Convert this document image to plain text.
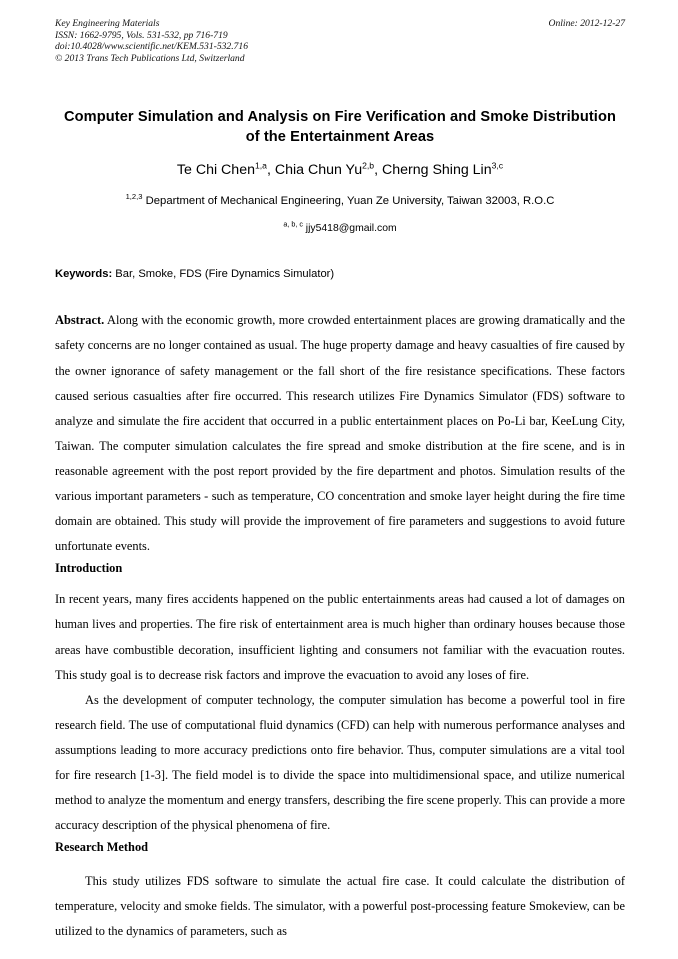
Key Engineering Materials
ISSN: 1662-9795, Vols. 531-532, pp 716-719
doi:10.4028/www.scientific.net/KEM.531-532.716
© 2013 Trans Tech Publications Ltd, Switzerland
Online: 2012-12-27
Computer Simulation and Analysis on Fire Verification and Smoke Distribution of the Entertainment Areas
Te Chi Chen$^{1,a}$, Chia Chun Yu$^{2,b}$, Cherng Shing Lin$^{3,c}$
$^{1,2,3}$ Department of Mechanical Engineering, Yuan Ze University, Taiwan 32003, R.O.C
$^{a, b, c}$ jjy5418@gmail.com
Keywords: Bar, Smoke, FDS (Fire Dynamics Simulator)

Abstract. Along with the economic growth, more crowded entertainment places are growing dramatically and the safety concerns are no longer contained as usual. The huge property damage and heavy casualties of fire caused by the owner ignorance of safety management or the fall short of the fire resistance specifications. These factors caused serious casualties after fire occurred. This research utilizes Fire Dynamics Simulator (FDS) software to analyze and simulate the fire accident that occurred in a public entertainment places on Po-Li bar, KeeLung City, Taiwan. The computer simulation calculates the fire spread and smoke distribution at the fire scene, and is in reasonable agreement with the post report provided by the fire department and photos. Simulation results of the various important parameters - such as temperature, CO concentration and smoke layer height during the fire time domain are obtained. This study will provide the improvement of fire parameters and suggestions to avoid future unfortunate events.

Introduction

In recent years, many fires accidents happened on the public entertainments areas had caused a lot of damages on human lives and properties. The fire risk of entertainment area is much higher than ordinary houses because those areas have combustible decoration, insufficient lighting and consumers not familiar with the evacuation routes. This study goal is to decrease risk factors and improve the evacuation to avoid any loses of fire.

As the development of computer technology, the computer simulation has become a powerful tool in fire research field. The use of computational fluid dynamics (CFD) can help with numerous performance analyses and assumptions leading to more accuracy predictions onto fire behavior. Thus, computer simulations are a vital tool for fire research [1-3]. The field model is to divide the space into multidimensional space, and utilize numerical method to analyze the momentum and energy transfers, describing the fire scene properly. This can provide a more accuracy description of the physical phenomena of fire.

Research Method

This study utilizes FDS software to simulate the actual fire case. It could calculate the distribution of temperature, velocity and smoke fields. The simulator, with a powerful post-processing feature Smokeview, can be utilized to the dynamics of parameters, such as
